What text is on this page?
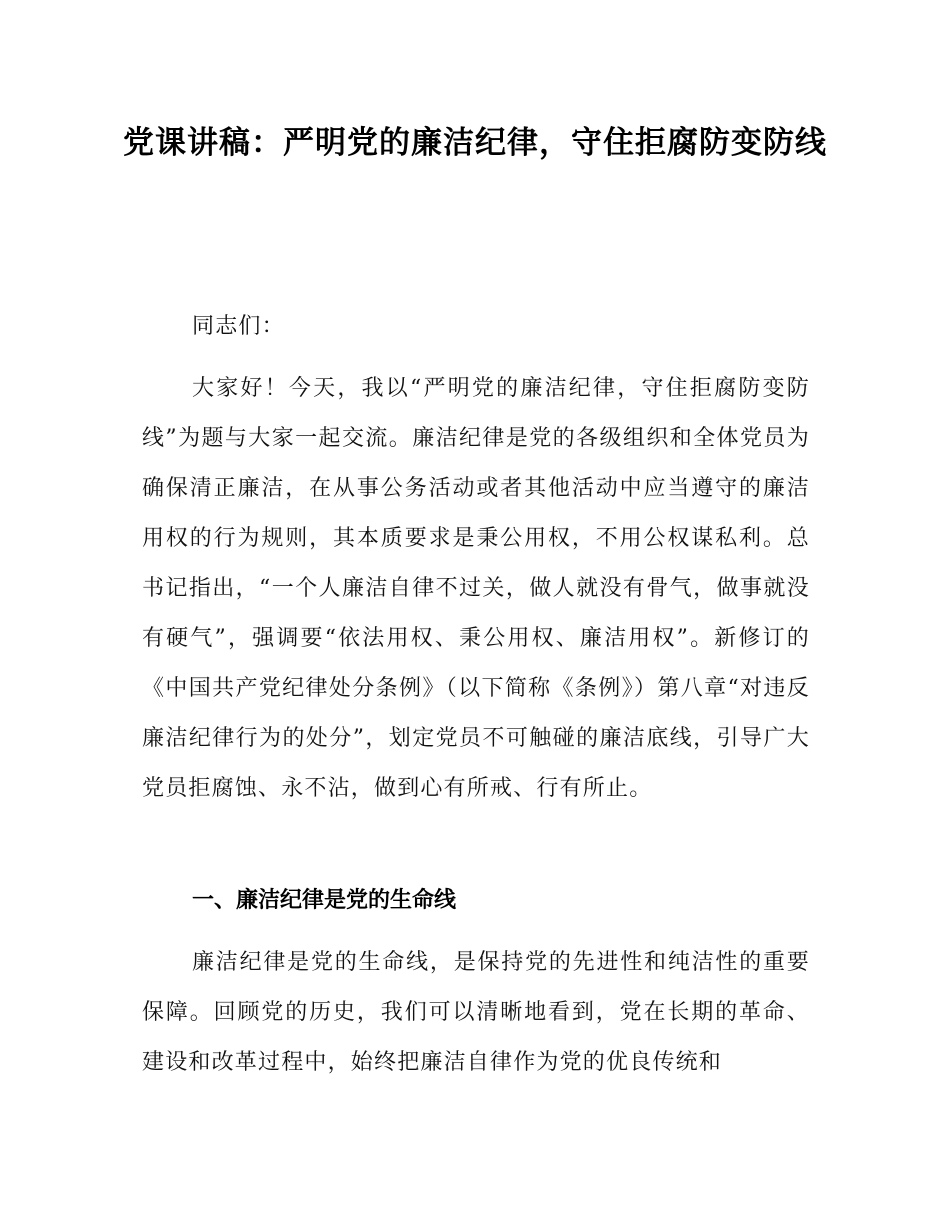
党课讲稿：严明党的廉洁纪律，守住拒腐防变防线

同志们：

大家好！今天，我以“严明党的廉洁纪律，守住拒腐防变防线”为题与大家一起交流。廉洁纪律是党的各级组织和全体党员为确保清正廉洁，在从事公务活动或者其他活动中应当遵守的廉洁用权的行为规则，其本质要求是秉公用权，不用公权谋私利。总书记指出，“一个人廉洁自律不过关，做人就没有骨气，做事就没有硬气”，强调要“依法用权、秉公用权、廉洁用权”。新修订的《中国共产党纪律处分条例》（以下简称《条例》）第八章“对违反廉洁纪律行为的处分”，划定党员不可触碰的廉洁底线，引导广大党员拒腐蚀、永不沾，做到心有所戒、行有所止。

一、廉洁纪律是党的生命线

廉洁纪律是党的生命线，是保持党的先进性和纯洁性的重要保障。回顾党的历史，我们可以清晰地看到，党在长期的革命、建设和改革过程中，始终把廉洁自律作为党的优良传统和
